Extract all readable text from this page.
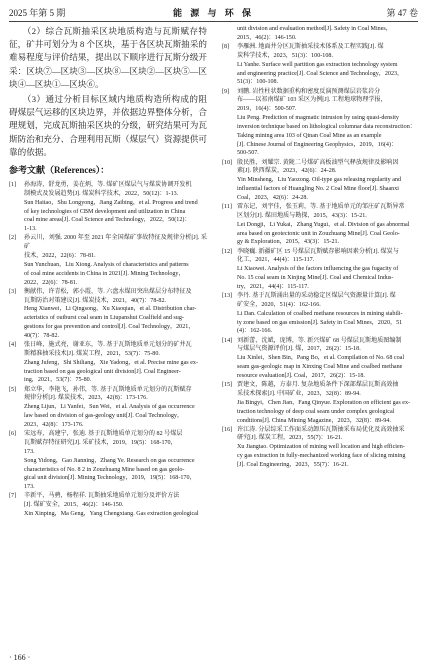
2025 年第 5 期	能 源 与 环 保	第 47 卷

（2）综合瓦斯抽采区块地质构造与瓦斯赋存特征，矿井可划分为 8 个区块，基于各区块瓦斯抽采的难易程度与评价结果，提出以下顺序进行瓦斯分级开采：区块⑦—区块③—区块⑧—区块②—区块⑤—区块④—区块①—区块⑥。

（3）通过分析目标区域内地质构造所构成的阻碍煤层气运移的区块边界，并依据边界整体分析，合理规划，完成瓦斯抽采区块的分级，研究结果可为瓦斯防治和充分、合理利用瓦斯（煤层气）资源提供可靠的依据。

参考文献（References）：
[1]	孙海涛，舒龙勇，姜在炳，等. 煤矿区煤层气与煤炭协调开发机
制模式及发展趋势[J]. 煤炭科学技术，2022，50(12)：1-13.
Sun Haitao，Shu Longyong，Jiang Zaibing，et al. Progress and trend
of key technologies of CBM development and utilization in China
coal mine areas[J]. Coal Science and Technology，2022，50(12)：
1-13.
[2]	孙云川，刘强. 2000 年至 2021 年全国煤矿事故特征及规律分析[J]. 采矿
技术，2022，22(6)：78-81.
Sun Yunchuan，Liu Xiong. Analysis of characteristics and patterns
of coal mine accidents in China in 2021[J]. Mining Technology，
2022，22(6)：78-81.
[3]	衡献伟，许青松，郭小霞，等. 六盘水煤田突出煤层分布特征及
瓦斯防治对策建议[J]. 煤炭技术，2021，40(7)：78-82.
Heng Xianwei，Li Qingsong，Xu Xiaoqian，et al. Distribution char-
acteristics of outburst coal seam in Liupanshui Coalfield and sug-
gestions for gas prevention and control[J]. Coal Technology，2021，
40(7)：78-82.
[4]	张日峰，施式亮，谢亚东，等. 基于瓦斯地质单元划分的矿井瓦
斯精准抽采技术[J]. 煤炭工程，2021，53(7)：75-80.
Zhang Jufeng，Shi Shiliang，Xie Yadong，et al. Precise mine gas ex-
traction based on gas geological unit division[J]. Coal Engineer-
ing，2021，53(7)：75-80.
[5]	郑立华，李艳飞，孙伟，等. 基于瓦斯地质单元划分的瓦斯赋存
规律分析[J]. 煤炭技术，2023，42(8)：173-176.
Zheng Lijun，Li Yanfei，Sun Wei，et al. Analysis of gas occurrence
law based on division of gas-geology unit[J]. Coal Technology，
2023，42(8)：173-176.
[6]	宋远寿，高建宁，张迪. 基于瓦斯地质单元划分的 82 号煤层
瓦斯赋存特征研究[J]. 采矿技术，2019，19(5)：168-170，
173.
Song Yidong，Gao Jianning，Zhang Ye. Research on gas occurrence
characteristics of No. 8 2 in Zouzhuang Mine based on gas geolo-
gical unit division[J]. Mining Technology，2019，19(5)：168-170，
173.
[7]	辛新平，马骋，杨程祥. 瓦斯抽采地质单元划分及评价方法
[J]. 煤矿安全，2015，46(2)：146-150.
Xin Xinping，Ma Geng，Yang Chengxiang. Gas extraction geological
unit division and evaluation method[J]. Safety in Coal Mines，
2015，46(2)：146-150.
[8]	李雁洲. 地面井分区瓦斯抽采技术体系及工程实践[J]. 煤
炭科学技术，2023，51(3)：100-108.
Li Yanhe. Surface well partition gas extraction technology system
and engineering practice[J]. Coal Science and Technology，2023，
51(3)：100-108.
[9]	刘鹏. 岩性柱状数据重构和密度反演预测煤层岩浆岩分
布——以祁南煤矿 103 采区为例[J]. 工程地球物理学报，
2019，16(4)：500-507.
Liu Peng. Prediction of magmatic intrusion by using quasi-density
inversion technique based on lithological columnar data reconstruction：
Taking mining area 103 of Qinan Coal Mine as an example
[J]. Chinese Journal of Engineering Geophysics，2019，16(4)：
500-507.
[10] 殷民胜，刘耀宗. 黄陇二号煤矿高板油型气释放规律及影响因
素[J]. 陕西煤炭，2023，42(6)：24-28.
Yin Minsheng，Liu Yaozong. Oil-type gas releasing regularity and
influential factors of Huangling No. 2 Coal Mine floor[J]. Shaanxi
Coal，2023，42(6)：24-28.
[11] 雷东记，刘宇佳，张玉莉，等. 基于地质单元的邹庄矿瓦斯异常
区划分[J]. 煤田地质与勘探，2015，43(3)：15-21.
Lei Dongji，Li Yukai，Zhang Yugui，et al. Division of gas abnormal
area based on geotectonic unit in Zouzhuang Mine[J]. Coal Geolo-
gy & Exploration，2015，43(3)：15-21.
[12] 李晓巍. 新疆矿区 15 号煤层瓦斯赋存影响因素分析[J]. 煤炭与
化工，2021，44(4)：115-117.
Li Xiaowei. Analysis of the factors influencing the gas fugacity of
No. 15 coal seam in Xinjing Mine[J]. Coal and Chemical Indus-
try，2021，44(4)：115-117.
[13] 李丹. 基于瓦斯涌出量的采动稳定区煤层气资源量计算[J]. 煤
矿安全，2020，51(4)：162-166.
Li Dan. Calculation of coalbed methane resources in mining stabili-
ty zone based on gas emission[J]. Safety in Coal Mines，2020，51
(4)：162-166.
[14] 刘新蕾，沈斌，庞博，等. 新兴煤矿 68 号煤层瓦斯地质图编制
与煤层气资源评价[J]. 煤，2017，26(2)：15-18.
Liu Xinlei，Shen Bin，Pang Bo，et al. Compilation of No. 68 coal
seam gas-geologic map in Xinxing Coal Mine and coalbed methane
resource evaluation[J]. Coal，2017，26(2)：15-18.
[15] 贾建文，陈越，方泰月. 复杂地质条件下深部煤层瓦斯高效抽
采技术探索[J]. 中国矿业，2023，32(8)：89-94.
Jia Bingyi，Chen Jian，Fang Qinyue. Exploration on efficient gas ex-
traction technology of deep coal seam under complex geological
conditions[J]. China Mining Magazine，2023，32(8)：89-94.
[16] 许江涛. 分层综采工作面采动卸压瓦斯抽采布局优化及高效抽采
研究[J]. 煤炭工程，2023，55(7)：16-21.
Xu Jiangtao. Optimization of mining well location and high efficien-
cy gas extraction in fully-mechanized working face of slicing mining
[J]. Coal Engineering，2023，55(7)：16-21.
· 166 ·
